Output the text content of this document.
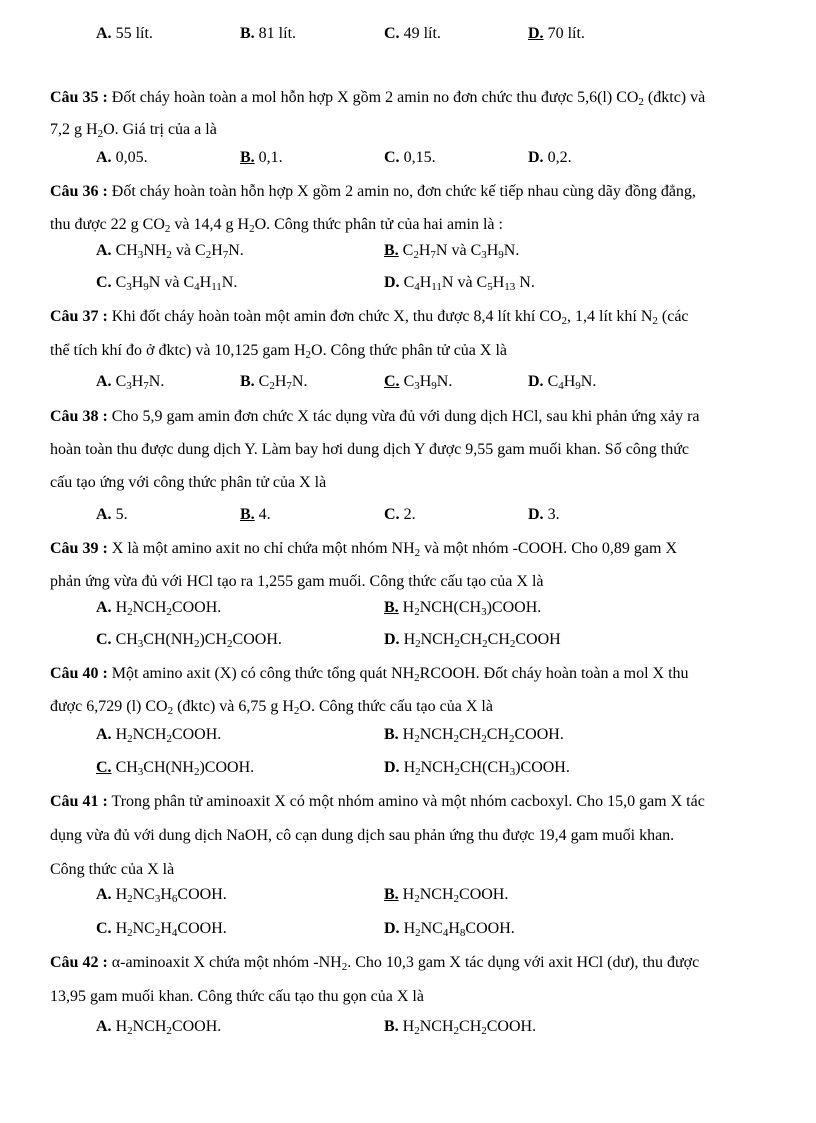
A. 55 lít.	B. 81 lít.	C. 49 lít.	D. 70 lít.
Câu 35 : Đốt cháy hoàn toàn a mol hỗn hợp X gồm 2 amin no đơn chức thu được 5,6(l) $CO_2$ (đktc) và
7,2 g $H_2O$. Giá trị của a là
A. 0,05.	B. 0,1.	C. 0,15.	D. 0,2.
Câu 36 : Đốt cháy hoàn toàn hỗn hợp X gồm 2 amin no, đơn chức kế tiếp nhau cùng dãy đồng đẳng,
thu được 22 g $CO_2$ và 14,4 g $H_2O$. Công thức phân tử của hai amin là :
A. $CH_3NH_2$ và $C_2H_7N$.	B. $C_2H_7N$ và $C_3H_9N$.
C. $C_3H_9N$ và $C_4H_{11}N$.	D. $C_4H_{11}N$ và $C_5H_{13}$ N.
Câu 37 : Khi đốt cháy hoàn toàn một amin đơn chức X, thu được 8,4 lít khí $CO_2$, 1,4 lít khí $N_2$ (các
thể tích khí đo ở đktc) và 10,125 gam $H_2O$. Công thức phân tử của X là
A. $C_3H_7N$.	B. $C_2H_7N$.	C. $C_3H_9N$.	D. $C_4H_9N$.
Câu 38 : Cho 5,9 gam amin đơn chức X tác dụng vừa đủ với dung dịch HCl, sau khi phản ứng xảy ra
hoàn toàn thu được dung dịch Y. Làm bay hơi dung dịch Y được 9,55 gam muối khan. Số công thức
cấu tạo ứng với công thức phân tử của X là
A. 5.	B. 4.	C. 2.	D. 3.
Câu 39 : X là một amino axit no chỉ chứa một nhóm $NH_2$ và một nhóm -COOH. Cho 0,89 gam X
phản ứng vừa đủ với HCl tạo ra 1,255 gam muối. Công thức cấu tạo của X là
A. $H_2NCH_2COOH$.	B. $H_2NCH(CH_3)COOH$.
C. $CH_3CH(NH_2)CH_2COOH$.	D. $H_2NCH_2CH_2CH_2COOH$
Câu 40 : Một amino axit (X) có công thức tổng quát $NH_2RCOOH$. Đốt cháy hoàn toàn a mol X thu
được 6,729 (l) $CO_2$ (đktc) và 6,75 g $H_2O$. Công thức cấu tạo của X là
A. $H_2NCH_2COOH$.	B. $H_2NCH_2CH_2CH_2COOH$.
C. $CH_3CH(NH_2)COOH$.	D. $H_2NCH_2CH(CH_3)COOH$.
Câu 41 : Trong phân tử aminoaxit X có một nhóm amino và một nhóm cacboxyl. Cho 15,0 gam X tác
dụng vừa đủ với dung dịch NaOH, cô cạn dung dịch sau phản ứng thu được 19,4 gam muối khan.
Công thức của X là
A. $H_2NC_3H_6COOH$.	B. $H_2NCH_2COOH$.
C. $H_2NC_2H_4COOH$.	D. $H_2NC_4H_8COOH$.
Câu 42 : α-aminoaxit X chứa một nhóm $-NH_2$. Cho 10,3 gam X tác dụng với axit HCl (dư), thu được
13,95 gam muối khan. Công thức cấu tạo thu gọn của X là
A. $H_2NCH_2COOH$.	B. $H_2NCH_2CH_2COOH$.
